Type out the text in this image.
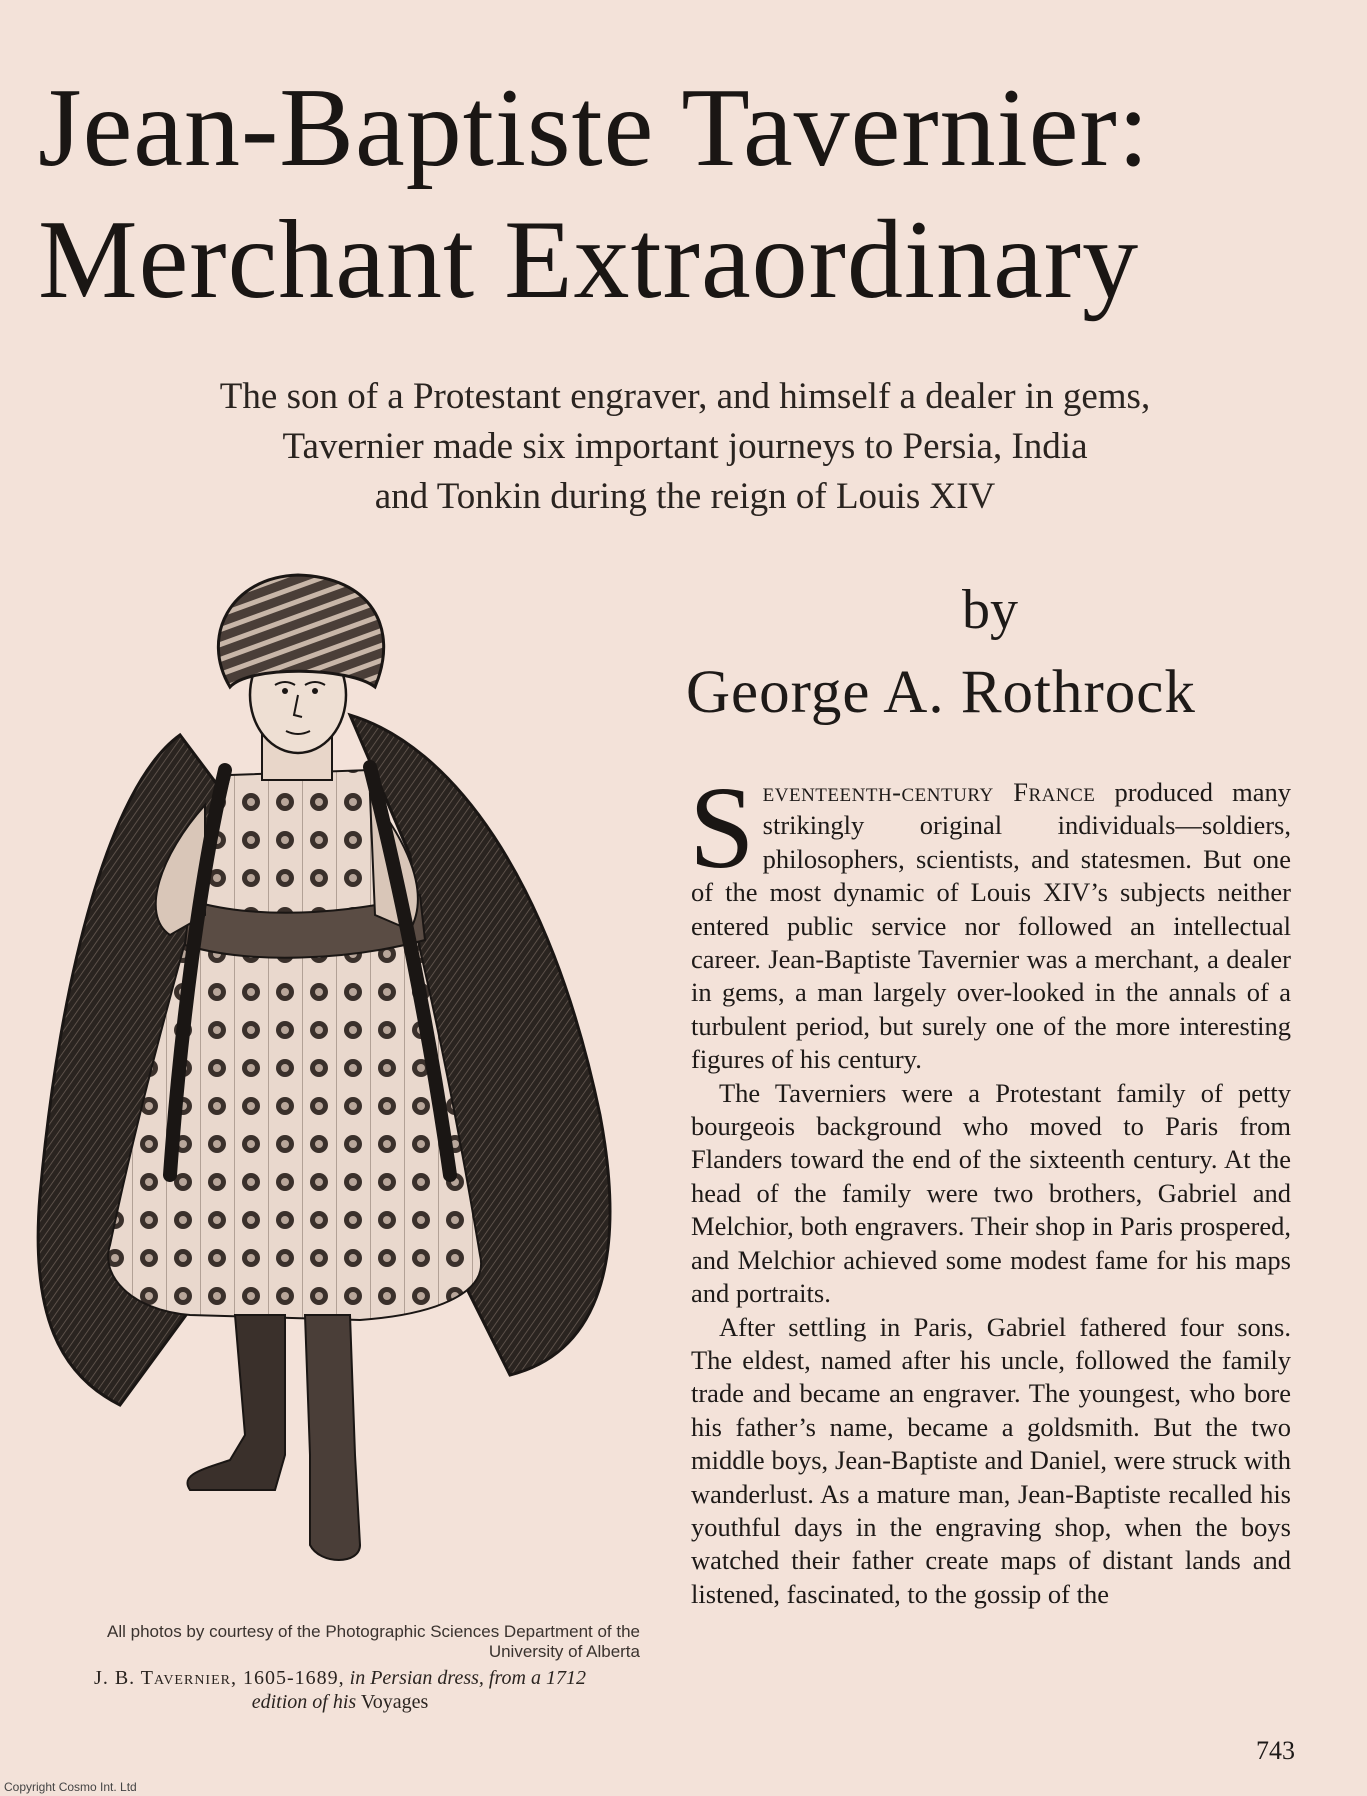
Jean-Baptiste Tavernier:
Merchant Extraordinary
The son of a Protestant engraver, and himself a dealer in gems,
Tavernier made six important journeys to Persia, India
and Tonkin during the reign of Louis XIV
by
George A. Rothrock
All photos by courtesy of the Photographic Sciences Department of the
University of Alberta
J. B. Tavernier, 1605-1689, in Persian dress, from a 1712
edition of his Voyages

S eventeenth-century France produced many strikingly original individuals—soldiers, philosophers, scientists, and statesmen. But one of the most dynamic of Louis XIV’s subjects neither entered public service nor followed an intellectual career. Jean-Baptiste Tavernier was a merchant, a dealer in gems, a man largely over-looked in the annals of a turbulent period, but surely one of the more interesting figures of his century.

The Taverniers were a Protestant family of petty bourgeois background who moved to Paris from Flanders toward the end of the sixteenth century. At the head of the family were two brothers, Gabriel and Melchior, both engravers. Their shop in Paris prospered, and Melchior achieved some modest fame for his maps and portraits.

After settling in Paris, Gabriel fathered four sons. The eldest, named after his uncle, followed the family trade and became an engraver. The youngest, who bore his father’s name, became a goldsmith. But the two middle boys, Jean-Baptiste and Daniel, were struck with wanderlust. As a mature man, Jean-Baptiste recalled his youthful days in the engraving shop, when the boys watched their father create maps of distant lands and listened, fascinated, to the gossip of the

743
Copyright Cosmo Int. Ltd
